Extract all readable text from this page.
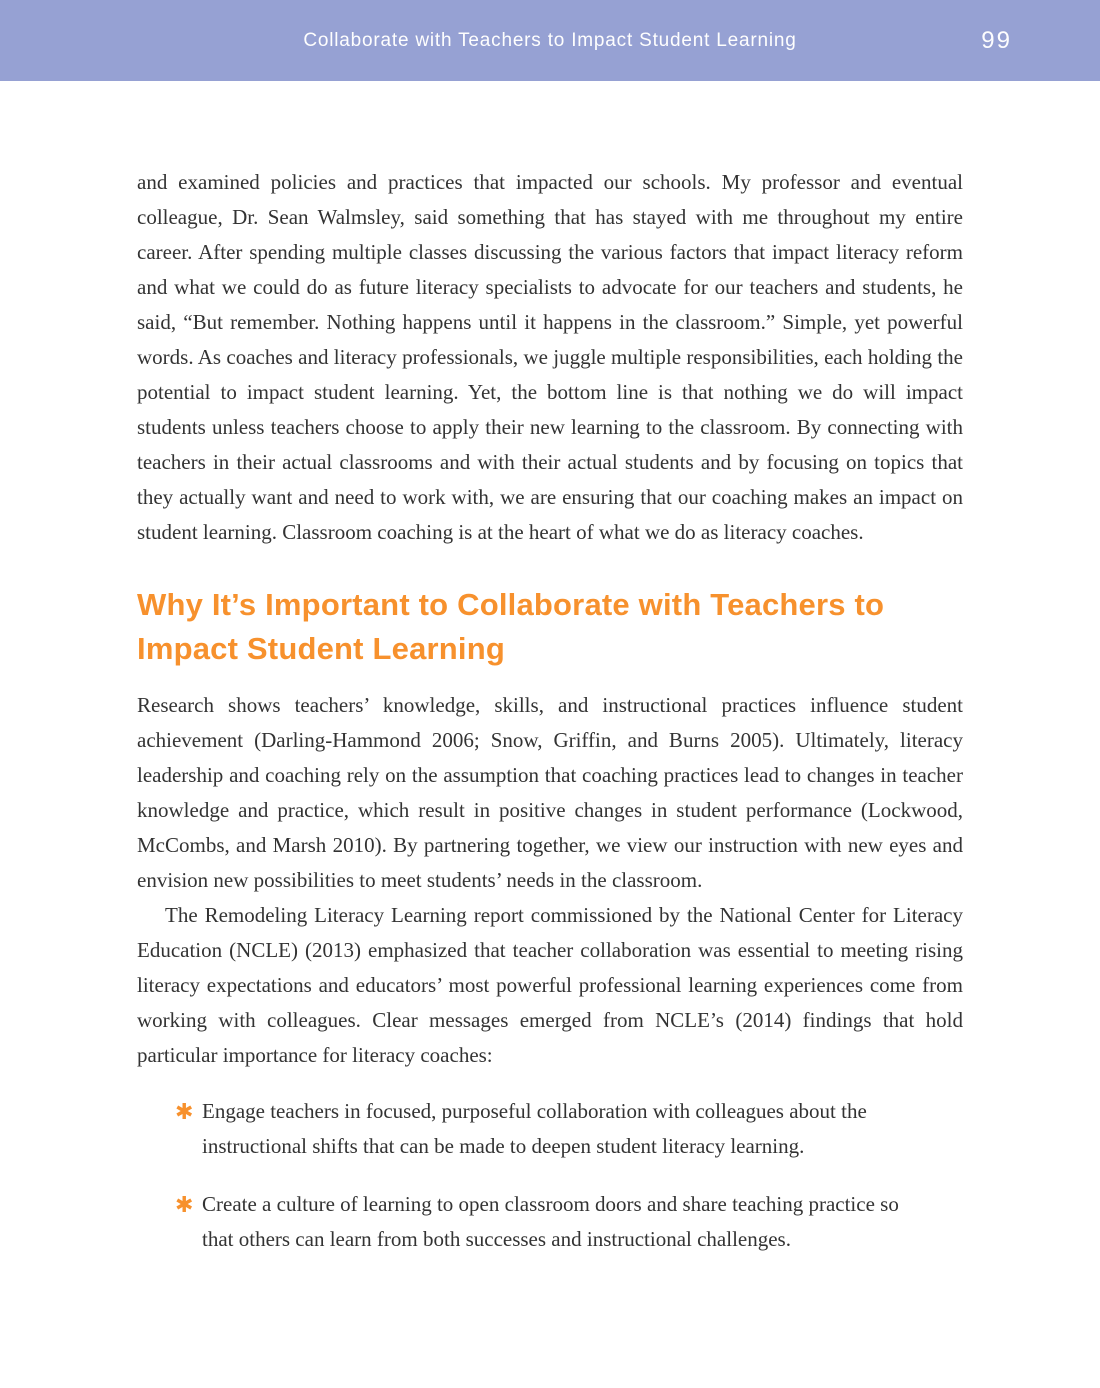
Collaborate with Teachers to Impact Student Learning	99

and examined policies and practices that impacted our schools. My professor and eventual colleague, Dr. Sean Walmsley, said something that has stayed with me throughout my entire career. After spending multiple classes discussing the various factors that impact literacy reform and what we could do as future literacy specialists to advocate for our teachers and students, he said, “But remember. Nothing happens until it happens in the classroom.” Simple, yet powerful words. As coaches and literacy professionals, we juggle multiple responsibilities, each holding the potential to impact student learning. Yet, the bottom line is that nothing we do will impact students unless teachers choose to apply their new learning to the classroom. By connecting with teachers in their actual classrooms and with their actual students and by focusing on topics that they actually want and need to work with, we are ensuring that our coaching makes an impact on student learning. Classroom coaching is at the heart of what we do as literacy coaches.

Why It’s Important to Collaborate with Teachers to Impact Student Learning

Research shows teachers’ knowledge, skills, and instructional practices influence student achievement (Darling-Hammond 2006; Snow, Griffin, and Burns 2005). Ultimately, literacy leadership and coaching rely on the assumption that coaching practices lead to changes in teacher knowledge and practice, which result in positive changes in student performance (Lockwood, McCombs, and Marsh 2010). By partnering together, we view our instruction with new eyes and envision new possibilities to meet students’ needs in the classroom.

The Remodeling Literacy Learning report commissioned by the National Center for Literacy Education (NCLE) (2013) emphasized that teacher collaboration was essential to meeting rising literacy expectations and educators’ most powerful professional learning experiences come from working with colleagues. Clear messages emerged from NCLE’s (2014) findings that hold particular importance for literacy coaches:

✱ Engage teachers in focused, purposeful collaboration with colleagues about the instructional shifts that can be made to deepen student literacy learning.
✱ Create a culture of learning to open classroom doors and share teaching practice so that others can learn from both successes and instructional challenges.
